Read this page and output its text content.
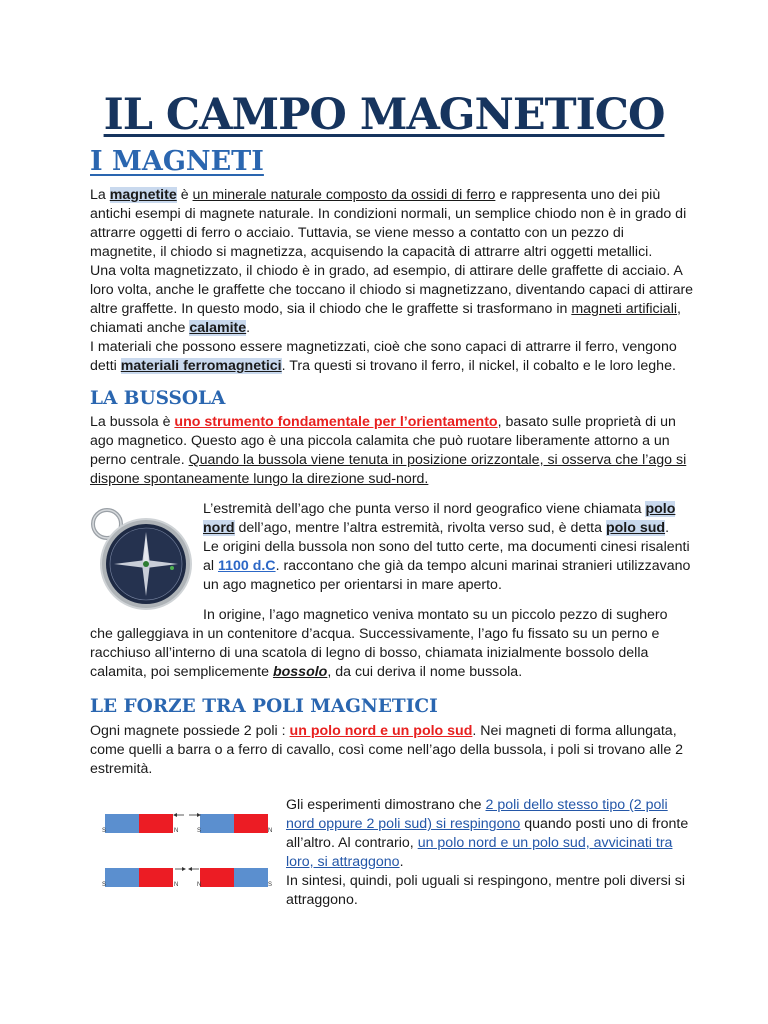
IL CAMPO MAGNETICO
I MAGNETI
La magnetite è un minerale naturale composto da ossidi di ferro e rappresenta uno dei più
antichi esempi di magnete naturale. In condizioni normali, un semplice chiodo non è in grado di
attrarre oggetti di ferro o acciaio. Tuttavia, se viene messo a contatto con un pezzo di
magnetite, il chiodo si magnetizza, acquisendo la capacità di attrarre altri oggetti metallici.
Una volta magnetizzato, il chiodo è in grado, ad esempio, di attirare delle graffette di acciaio. A
loro volta, anche le graffette che toccano il chiodo si magnetizzano, diventando capaci di attirare
altre graffette. In questo modo, sia il chiodo che le graffette si trasformano in magneti artificiali,
chiamati anche calamite.
I materiali che possono essere magnetizzati, cioè che sono capaci di attrarre il ferro, vengono
detti materiali ferromagnetici. Tra questi si trovano il ferro, il nickel, il cobalto e le loro leghe.
LA BUSSOLA
La bussola è uno strumento fondamentale per l’orientamento, basato sulle proprietà di un
ago magnetico. Questo ago è una piccola calamita che può ruotare liberamente attorno a un
perno centrale. Quando la bussola viene tenuta in posizione orizzontale, si osserva che l’ago si
dispone spontaneamente lungo la direzione sud-nord.
L’estremità dell’ago che punta verso il nord geografico viene chiamata polo
nord dell’ago, mentre l’altra estremità, rivolta verso sud, è detta polo sud.
Le origini della bussola non sono del tutto certe, ma documenti cinesi risalenti
al 1100 d.C. raccontano che già da tempo alcuni marinai stranieri utilizzavano
un ago magnetico per orientarsi in mare aperto.
In origine, l’ago magnetico veniva montato su un piccolo pezzo di sughero
che galleggiava in un contenitore d’acqua. Successivamente, l’ago fu fissato su un perno e
racchiuso all’interno di una scatola di legno di bosso, chiamata inizialmente bossolo della
calamita, poi semplicemente bossolo, da cui deriva il nome bussola.
LE FORZE TRA POLI MAGNETICI
Ogni magnete possiede 2 poli : un polo nord e un polo sud. Nei magneti di forma allungata,
come quelli a barra o a ferro di cavallo, così come nell’ago della bussola, i poli si trovano alle 2
estremità.
S	N	S	N
S	N	N	S
Gli esperimenti dimostrano che 2 poli dello stesso tipo (2 poli
nord oppure 2 poli sud) si respingono quando posti uno di fronte
all’altro. Al contrario, un polo nord e un polo sud, avvicinati tra
loro, si attraggono.
In sintesi, quindi, poli uguali si respingono, mentre poli diversi si
attraggono.
